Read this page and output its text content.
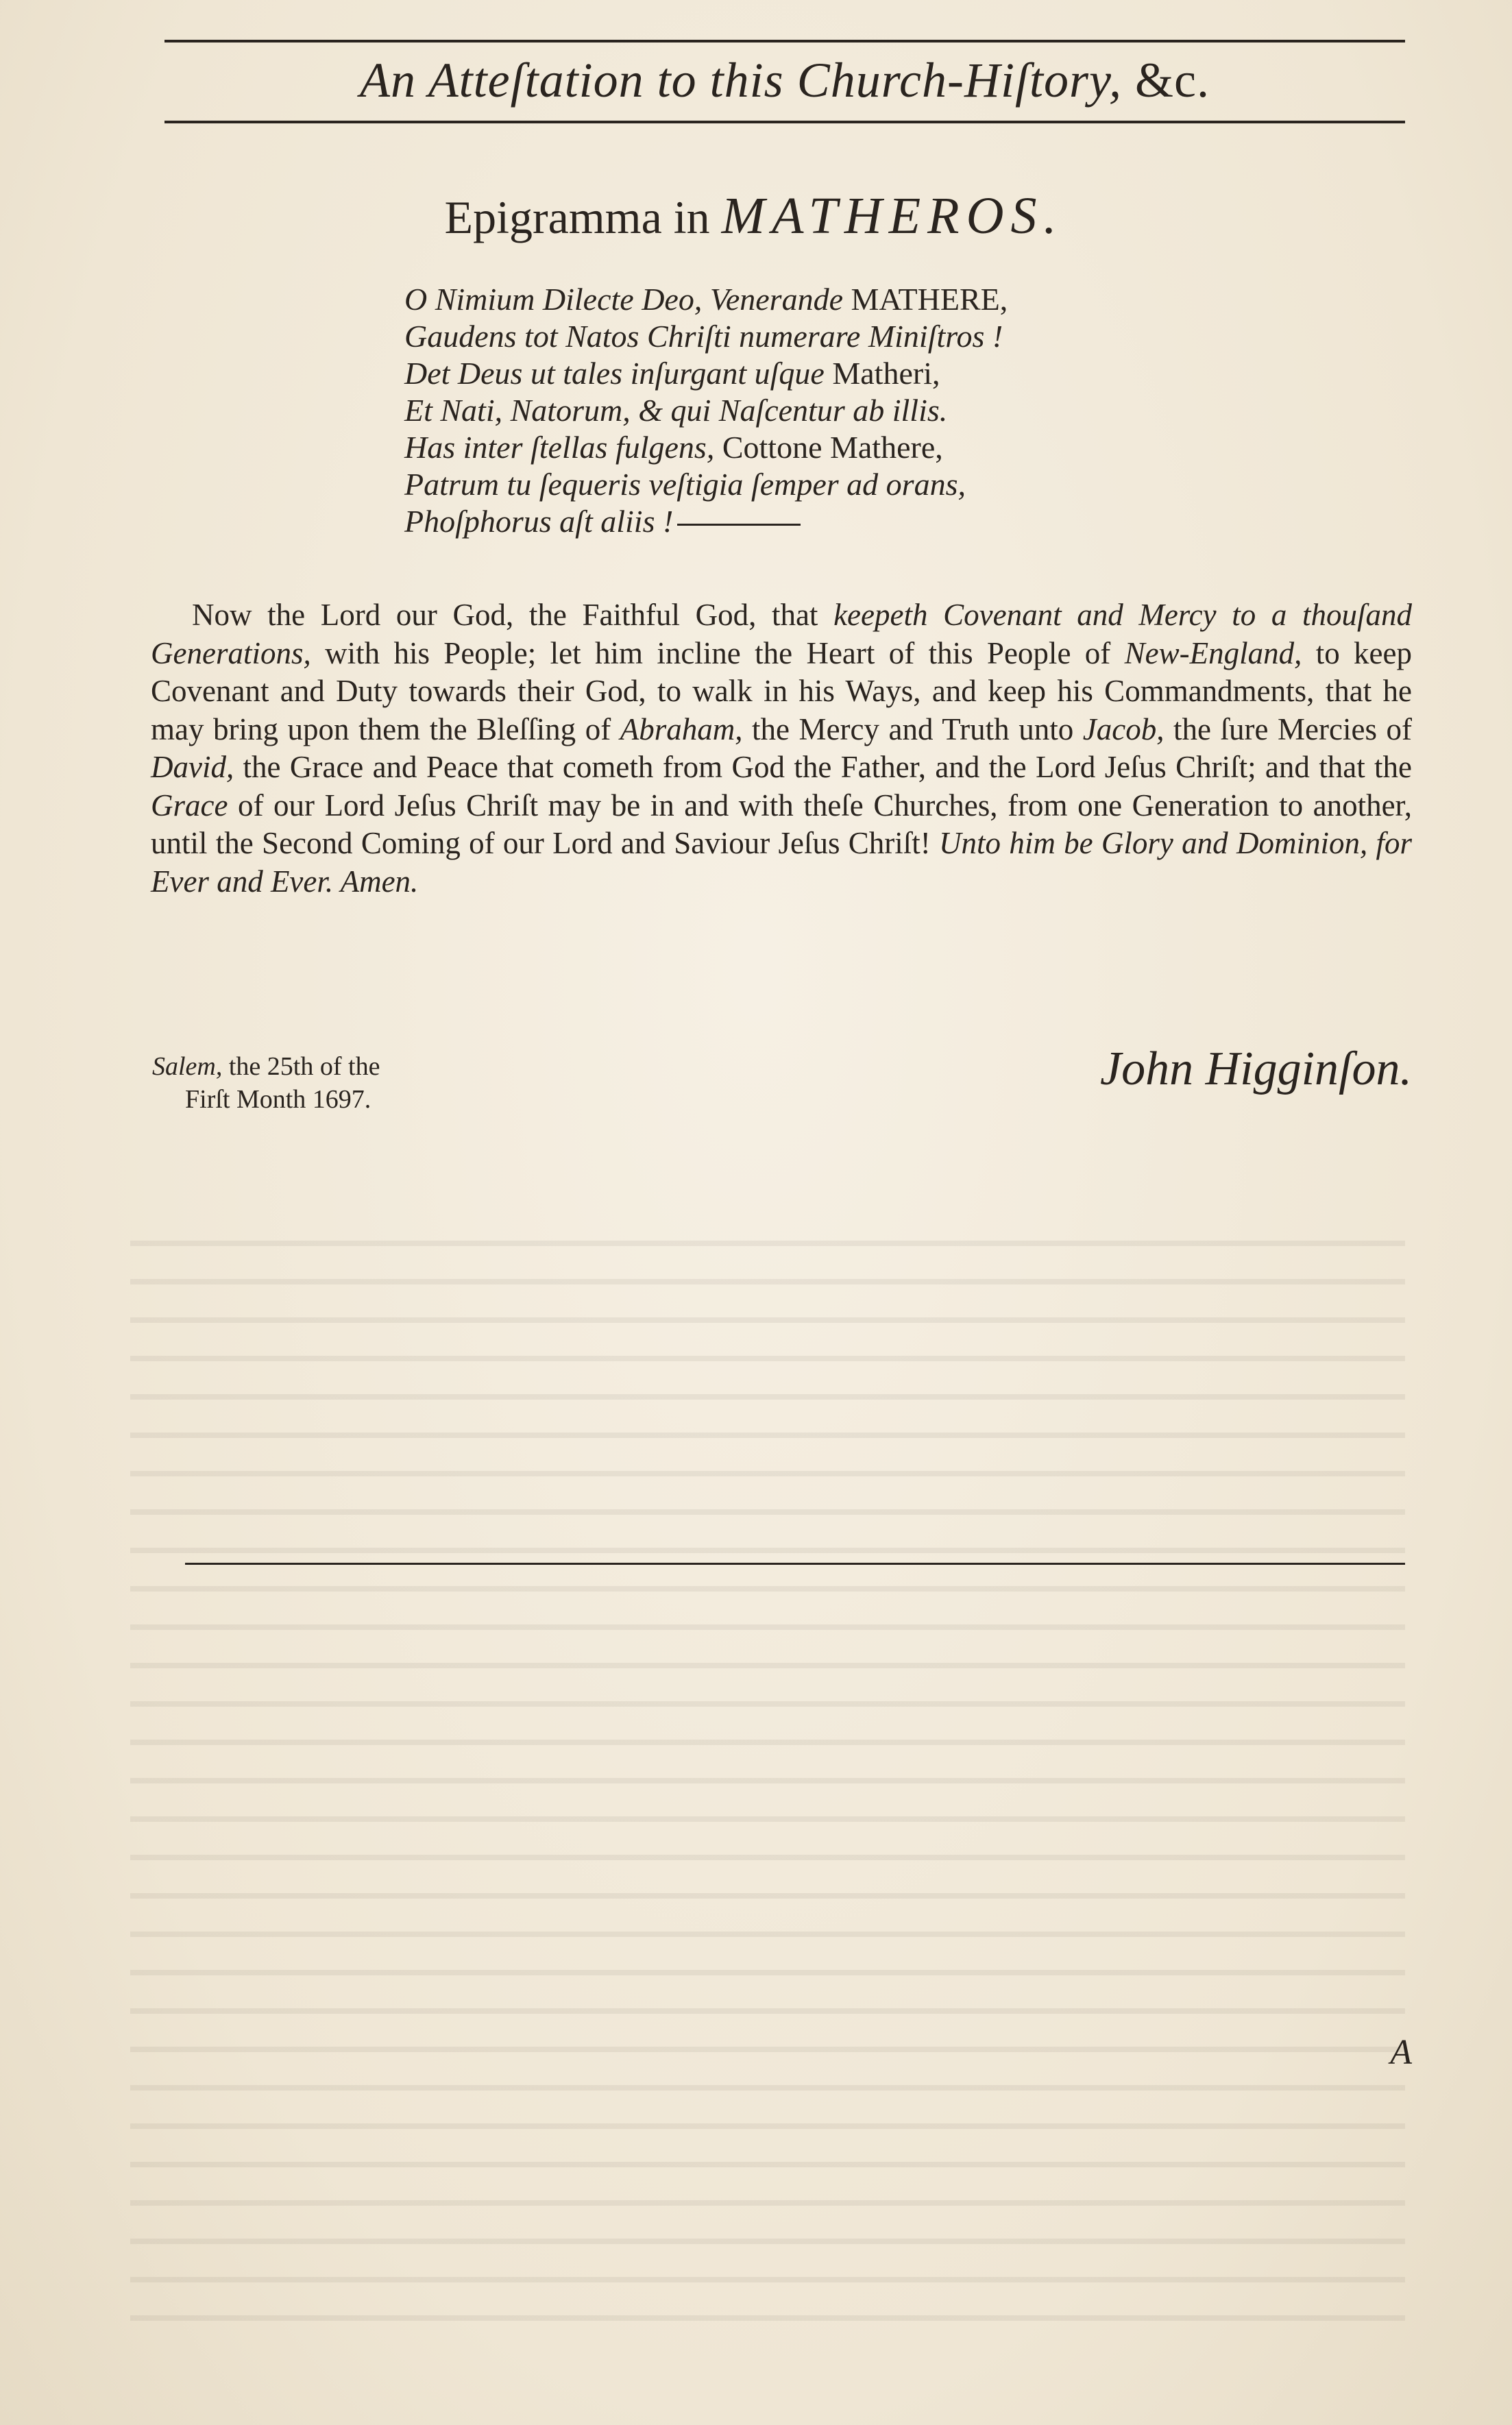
An Atteſtation to this Church-Hiſtory, &c.
Epigramma in MATHEROS.
O Nimium Dilecte Deo, Venerande MATHERE,
Gaudens tot Natos Chriſti numerare Miniſtros !
Det Deus ut tales inſurgant uſque Matheri,
Et Nati, Natorum, & qui Naſcentur ab illis.
Has inter ſtellas fulgens, Cottone Mathere,
Patrum tu ſequeris veſtigia ſemper ad orans,
Phoſphorus aſt aliis !
Now the Lord our God, the Faithful God, that keepeth Covenant and Mercy to a thouſand Generations, with his People; let him incline the Heart of this People of New-England, to keep Covenant and Duty towards their God, to walk in his Ways, and keep his Commandments, that he may bring upon them the Bleſſing of Abraham, the Mercy and Truth unto Jacob, the ſure Mercies of David, the Grace and Peace that cometh from God the Father, and the Lord Jeſus Chriſt; and that the Grace of our Lord Jeſus Chriſt may be in and with theſe Churches, from one Generation to another, until the Second Coming of our Lord and Saviour Jeſus Chriſt! Unto him be Glory and Dominion, for Ever and Ever. Amen.
Salem, the 25th of the
Firſt Month 1697.
John Higginſon.
A
